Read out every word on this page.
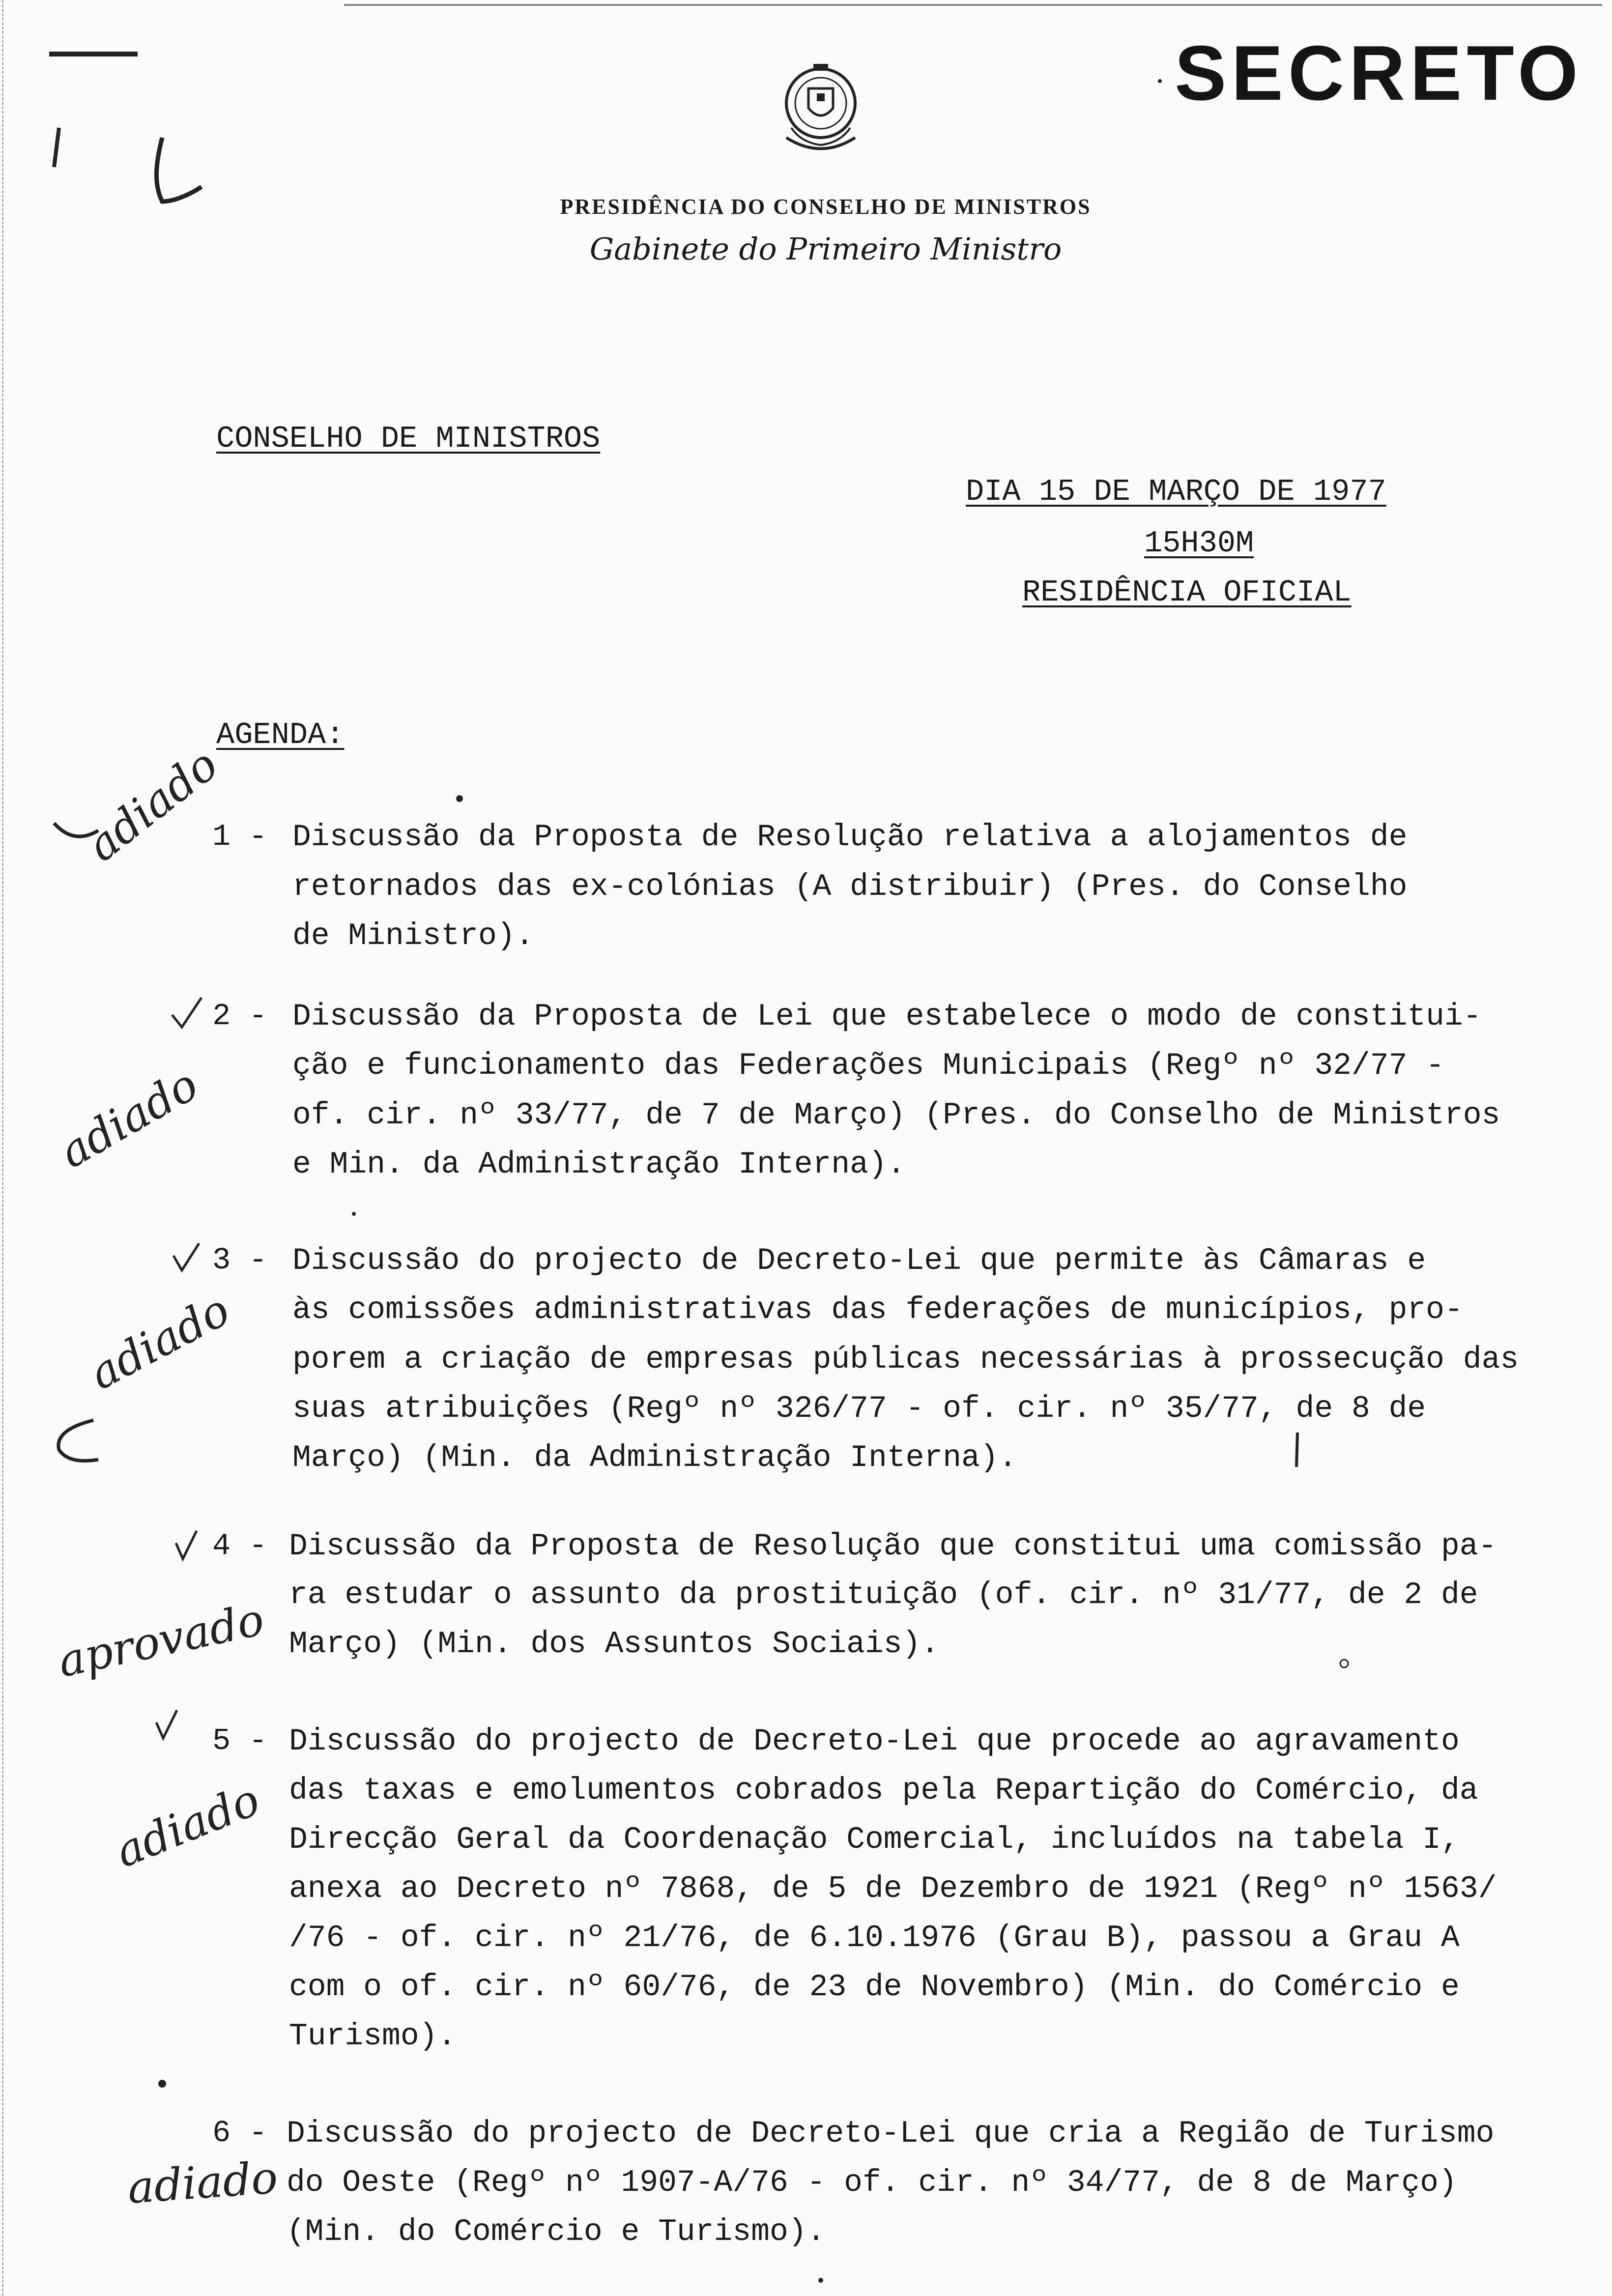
SECRETO
PRESIDÊNCIA DO CONSELHO DE MINISTROS
Gabinete do Primeiro Ministro
CONSELHO DE MINISTROS
DIA 15 DE MARÇO DE 1977
15H30M
RESIDÊNCIA OFICIAL
AGENDA:
1 - Discussão da Proposta de Resolução relativa a alojamentos de
retornados das ex-colónias (A distribuir) (Pres. do Conselho
de Ministro).
adiado
2 - Discussão da Proposta de Lei que estabelece o modo de constitui-
ção e funcionamento das Federações Municipais (Regº nº 32/77 -
of. cir. nº 33/77, de 7 de Março) (Pres. do Conselho de Ministros
e Min. da Administração Interna).
adiado
3 - Discussão do projecto de Decreto-Lei que permite às Câmaras e
às comissões administrativas das federações de municípios, pro-
porem a criação de empresas públicas necessárias à prossecução das
suas atribuições (Regº nº 326/77 - of. cir. nº 35/77, de 8 de
Março) (Min. da Administração Interna).
adiado
4 - Discussão da Proposta de Resolução que constitui uma comissão pa-
ra estudar o assunto da prostituição (of. cir. nº 31/77, de 2 de
Março) (Min. dos Assuntos Sociais).
aprovado
5 - Discussão do projecto de Decreto-Lei que procede ao agravamento
das taxas e emolumentos cobrados pela Repartição do Comércio, da
Direcção Geral da Coordenação Comercial, incluídos na tabela I,
anexa ao Decreto nº 7868, de 5 de Dezembro de 1921 (Regº nº 1563/
/76 - of. cir. nº 21/76, de 6.10.1976 (Grau B), passou a Grau A
com o of. cir. nº 60/76, de 23 de Novembro) (Min. do Comércio e
Turismo).
adiado
6 - Discussão do projecto de Decreto-Lei que cria a Região de Turismo
do Oeste (Regº nº 1907-A/76 - of. cir. nº 34/77, de 8 de Março)
(Min. do Comércio e Turismo).
adiado
